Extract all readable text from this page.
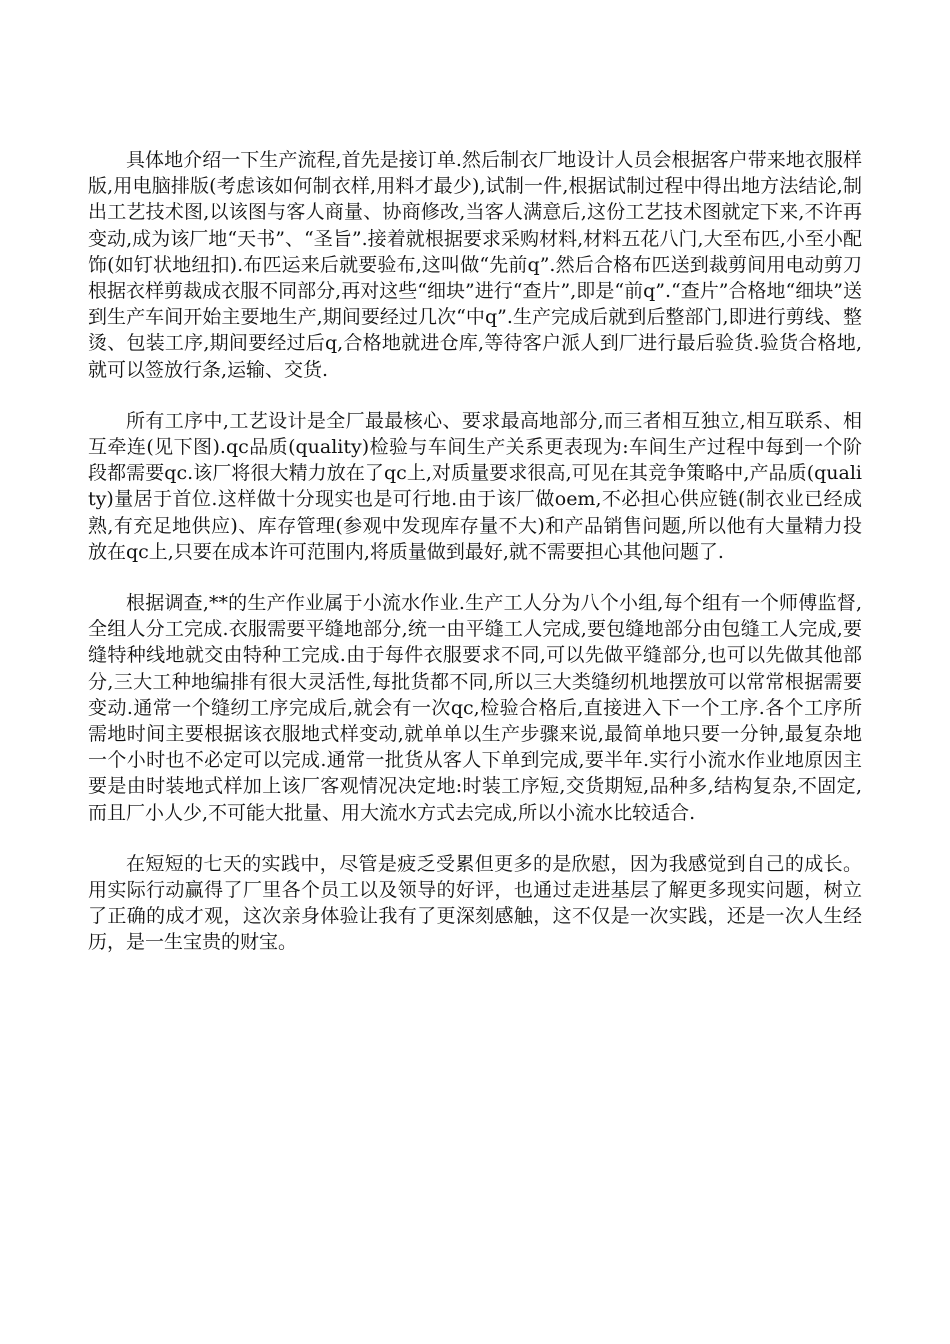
具体地介绍一下生产流程,首先是接订单.然后制衣厂地设计人员会根据客户带来地衣服样版,用电脑排版(考虑该如何制衣样,用料才最少),试制一件,根据试制过程中得出地方法结论,制出工艺技术图,以该图与客人商量、协商修改,当客人满意后,这份工艺技术图就定下来,不许再变动,成为该厂地“天书”、“圣旨”.接着就根据要求采购材料,材料五花八门,大至布匹,小至小配饰(如钉状地纽扣).布匹运来后就要验布,这叫做“先前q”.然后合格布匹送到裁剪间用电动剪刀根据衣样剪裁成衣服不同部分,再对这些“细块”进行“查片”,即是“前q”.“查片”合格地“细块”送到生产车间开始主要地生产,期间要经过几次“中q”.生产完成后就到后整部门,即进行剪线、整烫、包装工序,期间要经过后q,合格地就进仓库,等待客户派人到厂进行最后验货.验货合格地,就可以签放行条,运输、交货.

所有工序中,工艺设计是全厂最最核心、要求最高地部分,而三者相互独立,相互联系、相互牵连(见下图).qc品质(quality)检验与车间生产关系更表现为:车间生产过程中每到一个阶段都需要qc.该厂将很大精力放在了qc上,对质量要求很高,可见在其竞争策略中,产品质(quality)量居于首位.这样做十分现实也是可行地.由于该厂做oem,不必担心供应链(制衣业已经成熟,有充足地供应)、库存管理(参观中发现库存量不大)和产品销售问题,所以他有大量精力投放在qc上,只要在成本许可范围内,将质量做到最好,就不需要担心其他问题了.

根据调查,**的生产作业属于小流水作业.生产工人分为八个小组,每个组有一个师傅监督,全组人分工完成.衣服需要平缝地部分,统一由平缝工人完成,要包缝地部分由包缝工人完成,要缝特种线地就交由特种工完成.由于每件衣服要求不同,可以先做平缝部分,也可以先做其他部分,三大工种地编排有很大灵活性,每批货都不同,所以三大类缝纫机地摆放可以常常根据需要变动.通常一个缝纫工序完成后,就会有一次qc,检验合格后,直接进入下一个工序.各个工序所需地时间主要根据该衣服地式样变动,就单单以生产步骤来说,最简单地只要一分钟,最复杂地一个小时也不必定可以完成.通常一批货从客人下单到完成,要半年.实行小流水作业地原因主要是由时装地式样加上该厂客观情况决定地:时装工序短,交货期短,品种多,结构复杂,不固定,而且厂小人少,不可能大批量、用大流水方式去完成,所以小流水比较适合.

在短短的七天的实践中，尽管是疲乏受累但更多的是欣慰，因为我感觉到自己的成长。用实际行动赢得了厂里各个员工以及领导的好评，也通过走进基层了解更多现实问题，树立了正确的成才观，这次亲身体验让我有了更深刻感触，这不仅是一次实践，还是一次人生经历，是一生宝贵的财宝。
